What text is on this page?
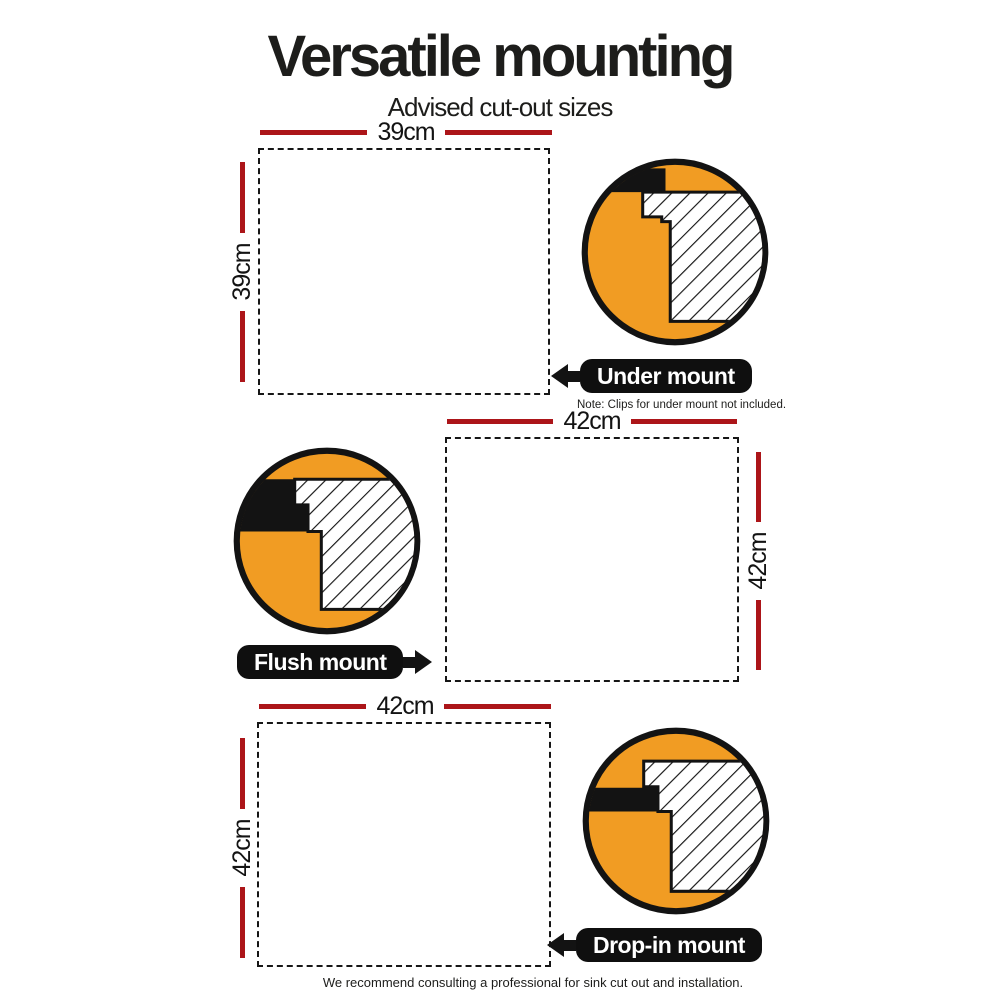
Versatile mounting
Advised cut-out sizes
39cm
39cm
Under mount
Note: Clips for under mount not included.
42cm
42cm
Flush mount
42cm
42cm
Drop-in mount
We recommend consulting a professional for sink cut out and installation.
